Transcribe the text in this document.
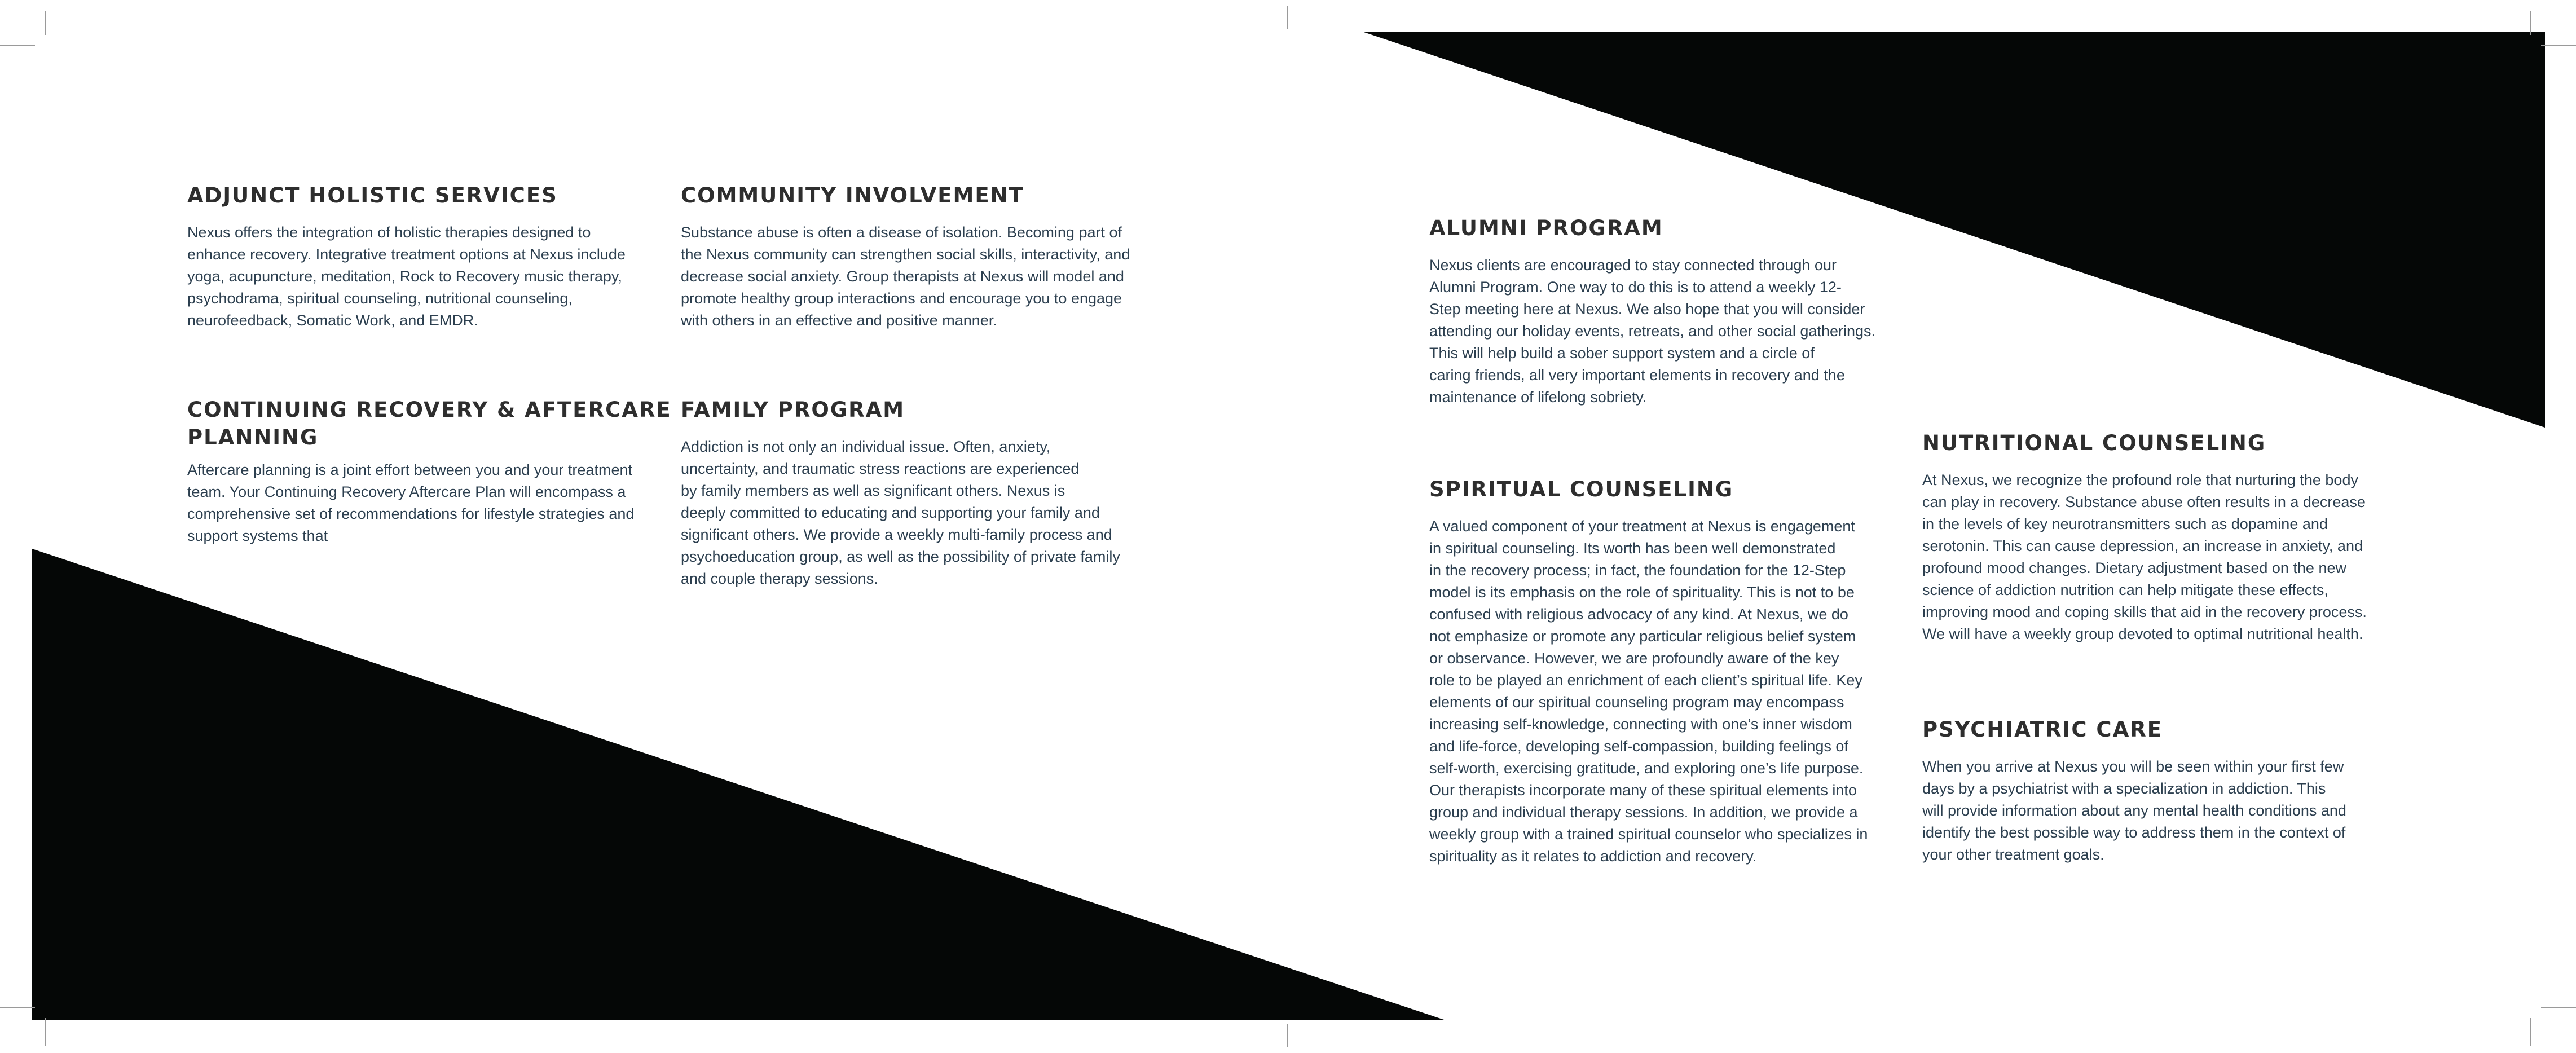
ADJUNCT HOLISTIC SERVICES

Nexus offers the integration of holistic therapies designed to
enhance recovery. Integrative treatment options at Nexus include
yoga, acupuncture, meditation, Rock to Recovery music therapy,
psychodrama, spiritual counseling, nutritional counseling,
neurofeedback, Somatic Work, and EMDR.

COMMUNITY INVOLVEMENT

Substance abuse is often a disease of isolation. Becoming part of
the Nexus community can strengthen social skills, interactivity, and
decrease social anxiety. Group therapists at Nexus will model and
promote healthy group interactions and encourage you to engage
with others in an effective and positive manner.

CONTINUING RECOVERY & AFTERCARE
PLANNING

Aftercare planning is a joint effort between you and your treatment
team. Your Continuing Recovery Aftercare Plan will encompass a
comprehensive set of recommendations for lifestyle strategies and
support systems that

FAMILY PROGRAM

Addiction is not only an individual issue. Often, anxiety,
uncertainty, and traumatic stress reactions are experienced
by family members as well as significant others. Nexus is
deeply committed to educating and supporting your family and
significant others. We provide a weekly multi-family process and
psychoeducation group, as well as the possibility of private family
and couple therapy sessions.

ALUMNI PROGRAM

Nexus clients are encouraged to stay connected through our
Alumni Program. One way to do this is to attend a weekly 12-
Step meeting here at Nexus. We also hope that you will consider
attending our holiday events, retreats, and other social gatherings.
This will help build a sober support system and a circle of
caring friends, all very important elements in recovery and the
maintenance of lifelong sobriety.

SPIRITUAL COUNSELING

A valued component of your treatment at Nexus is engagement
in spiritual counseling. Its worth has been well demonstrated
in the recovery process; in fact, the foundation for the 12-Step
model is its emphasis on the role of spirituality. This is not to be
confused with religious advocacy of any kind. At Nexus, we do
not emphasize or promote any particular religious belief system
or observance. However, we are profoundly aware of the key
role to be played an enrichment of each client’s spiritual life. Key
elements of our spiritual counseling program may encompass
increasing self-knowledge, connecting with one’s inner wisdom
and life-force, developing self-compassion, building feelings of
self-worth, exercising gratitude, and exploring one’s life purpose.
Our therapists incorporate many of these spiritual elements into
group and individual therapy sessions. In addition, we provide a
weekly group with a trained spiritual counselor who specializes in
spirituality as it relates to addiction and recovery.

NUTRITIONAL COUNSELING

At Nexus, we recognize the profound role that nurturing the body
can play in recovery. Substance abuse often results in a decrease
in the levels of key neurotransmitters such as dopamine and
serotonin. This can cause depression, an increase in anxiety, and
profound mood changes. Dietary adjustment based on the new
science of addiction nutrition can help mitigate these effects,
improving mood and coping skills that aid in the recovery process.
We will have a weekly group devoted to optimal nutritional health.

PSYCHIATRIC CARE

When you arrive at Nexus you will be seen within your first few
days by a psychiatrist with a specialization in addiction. This
will provide information about any mental health conditions and
identify the best possible way to address them in the context of
your other treatment goals.
